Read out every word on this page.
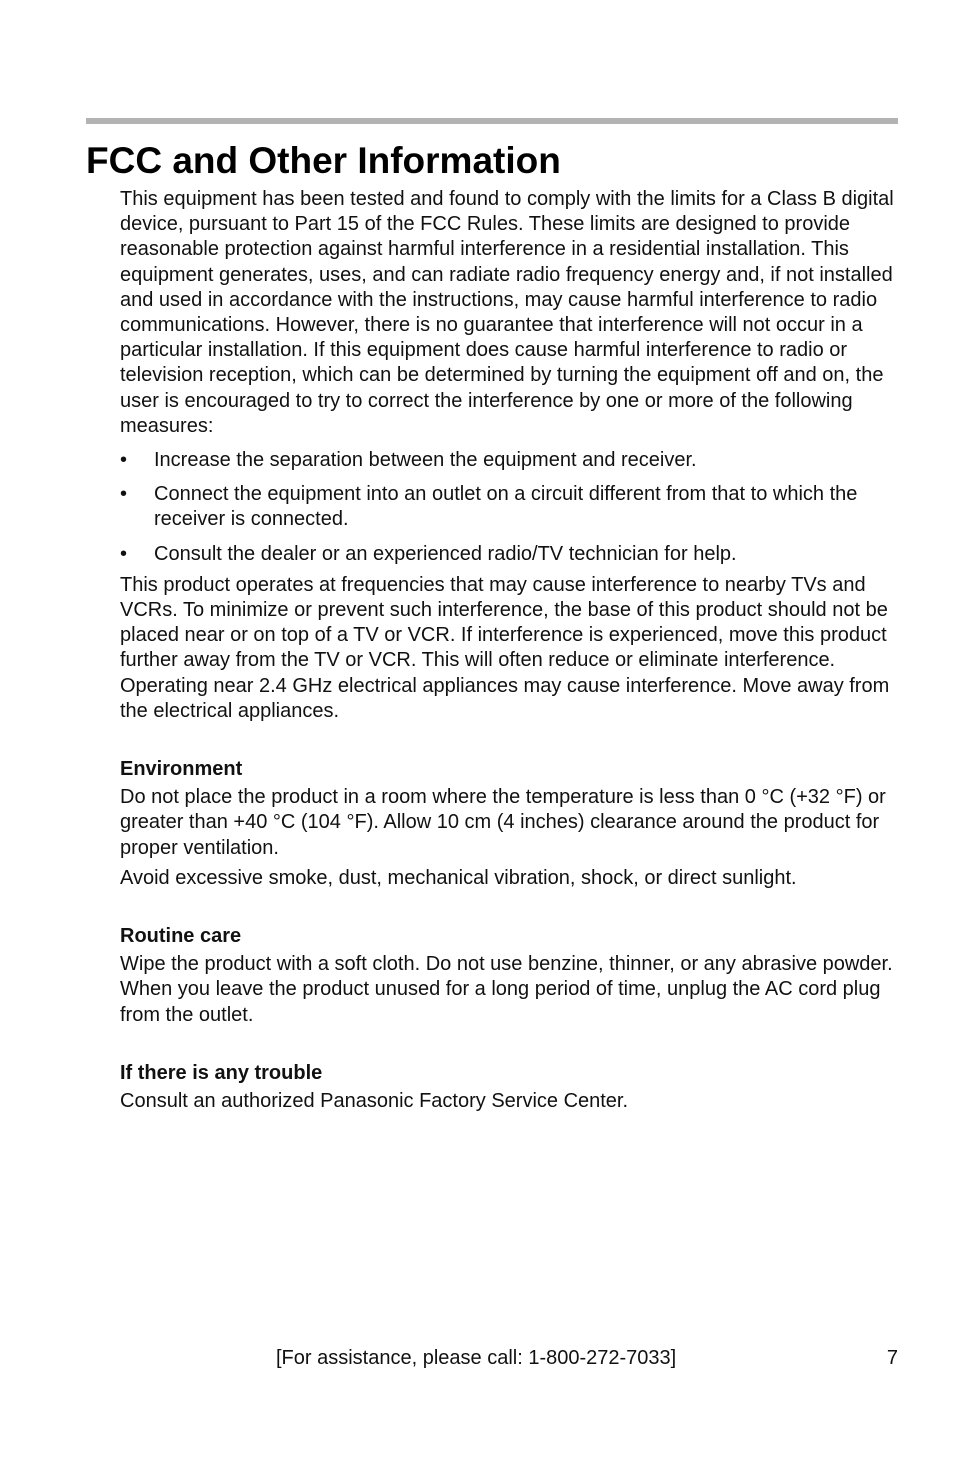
FCC and Other Information

This equipment has been tested and found to comply with the limits for a Class B digital device, pursuant to Part 15 of the FCC Rules. These limits are designed to provide reasonable protection against harmful interference in a residential installation. This equipment generates, uses, and can radiate radio frequency energy and, if not installed and used in accordance with the instructions, may cause harmful interference to radio communications. However, there is no guarantee that interference will not occur in a particular installation. If this equipment does cause harmful interference to radio or television reception, which can be determined by turning the equipment off and on, the user is encouraged to try to correct the interference by one or more of the following measures:

• Increase the separation between the equipment and receiver.
• Connect the equipment into an outlet on a circuit different from that to which the receiver is connected.
• Consult the dealer or an experienced radio/TV technician for help.

This product operates at frequencies that may cause interference to nearby TVs and VCRs. To minimize or prevent such interference, the base of this product should not be placed near or on top of a TV or VCR. If interference is experienced, move this product further away from the TV or VCR. This will often reduce or eliminate interference. Operating near 2.4 GHz electrical appliances may cause interference. Move away from the electrical appliances.

Environment

Do not place the product in a room where the temperature is less than 0 °C (+32 °F) or greater than +40 °C (104 °F). Allow 10 cm (4 inches) clearance around the product for proper ventilation.

Avoid excessive smoke, dust, mechanical vibration, shock, or direct sunlight.

Routine care

Wipe the product with a soft cloth. Do not use benzine, thinner, or any abrasive powder. When you leave the product unused for a long period of time, unplug the AC cord plug from the outlet.

If there is any trouble

Consult an authorized Panasonic Factory Service Center.

[For assistance, please call: 1-800-272-7033]	7
